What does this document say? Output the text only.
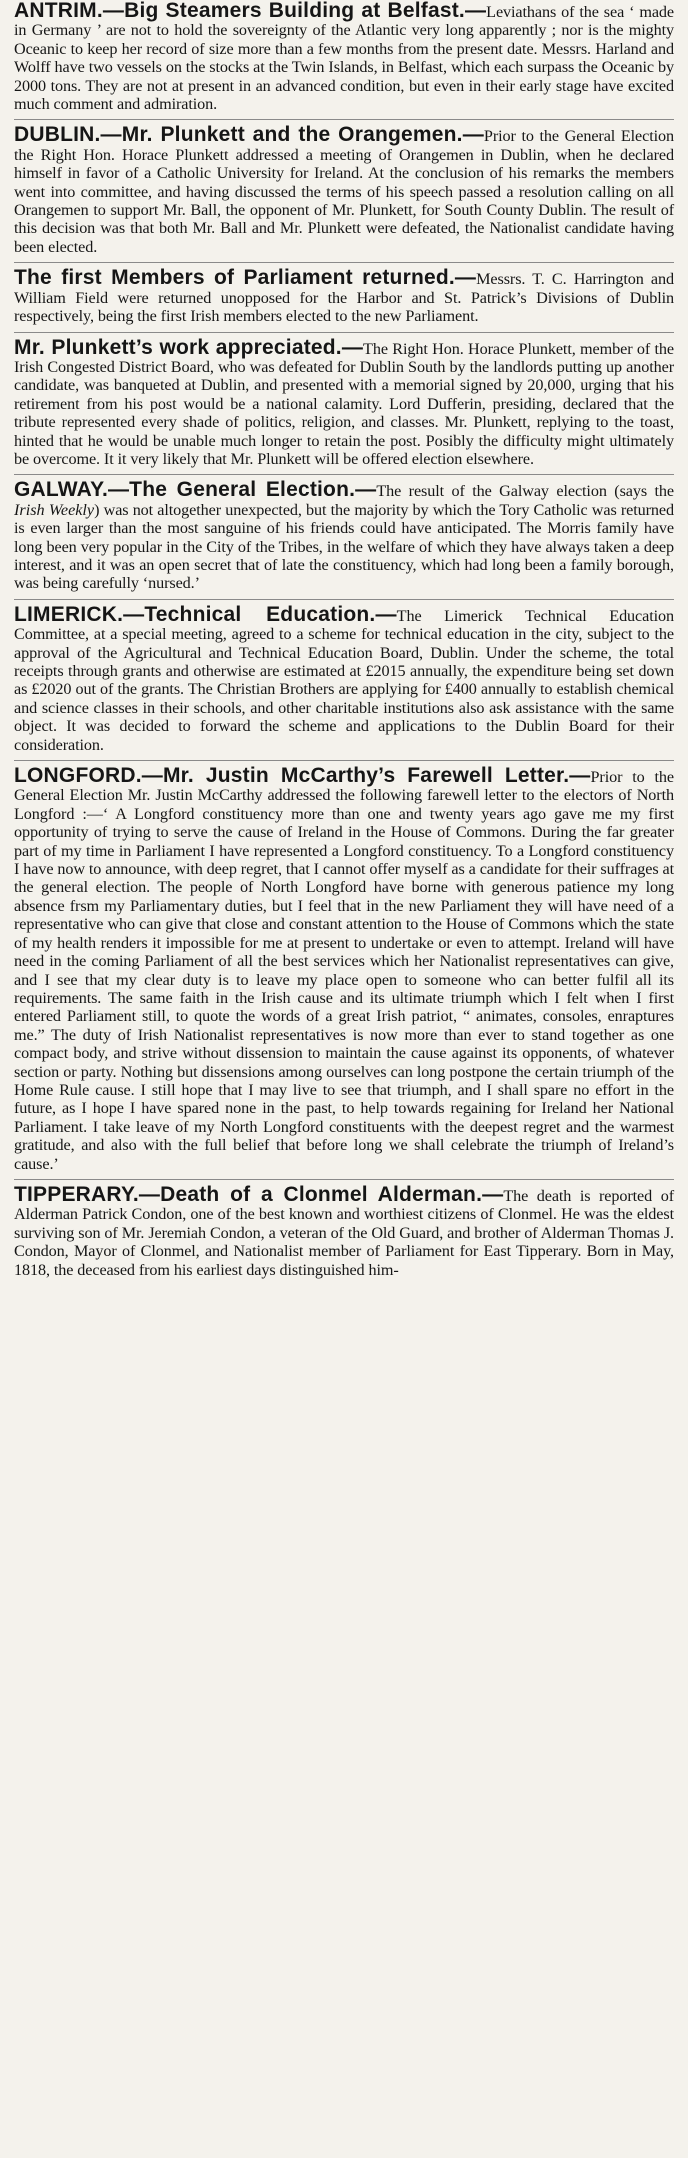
ANTRIM.—Big Steamers Building at Belfast.—Leviathans of the sea ‘ made in Germany ’ are not to hold the sovereignty of the Atlantic very long apparently ; nor is the mighty Oceanic to keep her record of size more than a few months from the present date. Messrs. Harland and Wolff have two vessels on the stocks at the Twin Islands, in Belfast, which each surpass the Oceanic by 2000 tons. They are not at present in an advanced condition, but even in their early stage have excited much comment and admiration.

DUBLIN.—Mr. Plunkett and the Orangemen.—Prior to the General Election the Right Hon. Horace Plunkett addressed a meeting of Orangemen in Dublin, when he declared himself in favor of a Catholic University for Ireland. At the conclusion of his remarks the members went into committee, and having discussed the terms of his speech passed a resolution calling on all Orangemen to support Mr. Ball, the opponent of Mr. Plunkett, for South County Dublin. The result of this decision was that both Mr. Ball and Mr. Plunkett were defeated, the Nationalist candidate having been elected.

The first Members of Parliament returned.—Messrs. T. C. Harrington and William Field were returned unopposed for the Harbor and St. Patrick’s Divisions of Dublin respectively, being the first Irish members elected to the new Parliament.

Mr. Plunkett’s work appreciated.—The Right Hon. Horace Plunkett, member of the Irish Congested District Board, who was defeated for Dublin South by the landlords putting up another candidate, was banqueted at Dublin, and presented with a memorial signed by 20,000, urging that his retirement from his post would be a national calamity. Lord Dufferin, presiding, declared that the tribute represented every shade of politics, religion, and classes. Mr. Plunkett, replying to the toast, hinted that he would be unable much longer to retain the post. Posibly the difficulty might ultimately be overcome. It it very likely that Mr. Plunkett will be offered election elsewhere.

GALWAY.—The General Election.—The result of the Galway election (says the Irish Weekly) was not altogether unexpected, but the majority by which the Tory Catholic was returned is even larger than the most sanguine of his friends could have anticipated. The Morris family have long been very popular in the City of the Tribes, in the welfare of which they have always taken a deep interest, and it was an open secret that of late the constituency, which had long been a family borough, was being carefully ‘nursed.’

LIMERICK.—Technical Education.—The Limerick Technical Education Committee, at a special meeting, agreed to a scheme for technical education in the city, subject to the approval of the Agricultural and Technical Education Board, Dublin. Under the scheme, the total receipts through grants and otherwise are estimated at £2015 annually, the expenditure being set down as £2020 out of the grants. The Christian Brothers are applying for £400 annually to establish chemical and science classes in their schools, and other charitable institutions also ask assistance with the same object. It was decided to forward the scheme and applications to the Dublin Board for their consideration.

LONGFORD.—Mr. Justin McCarthy’s Farewell Letter.—Prior to the General Election Mr. Justin McCarthy addressed the following farewell letter to the electors of North Longford :—‘ A Longford constituency more than one and twenty years ago gave me my first opportunity of trying to serve the cause of Ireland in the House of Commons. During the far greater part of my time in Parliament I have represented a Longford constituency. To a Longford constituency I have now to announce, with deep regret, that I cannot offer myself as a candidate for their suffrages at the general election. The people of North Longford have borne with generous patience my long absence frsm my Parliamentary duties, but I feel that in the new Parliament they will have need of a representative who can give that close and constant attention to the House of Commons which the state of my health renders it impossible for me at present to undertake or even to attempt. Ireland will have need in the coming Parliament of all the best services which her Nationalist representatives can give, and I see that my clear duty is to leave my place open to someone who can better fulfil all its requirements. The same faith in the Irish cause and its ultimate triumph which I felt when I first entered Parliament still, to quote the words of a great Irish patriot, “ animates, consoles, enraptures me.” The duty of Irish Nationalist representatives is now more than ever to stand together as one compact body, and strive without dissension to maintain the cause against its opponents, of whatever section or party. Nothing but dissensions among ourselves can long postpone the certain triumph of the Home Rule cause. I still hope that I may live to see that triumph, and I shall spare no effort in the future, as I hope I have spared none in the past, to help towards regaining for Ireland her National Parliament. I take leave of my North Longford constituents with the deepest regret and the warmest gratitude, and also with the full belief that before long we shall celebrate the triumph of Ireland’s cause.’

TIPPERARY.—Death of a Clonmel Alderman.—The death is reported of Alderman Patrick Condon, one of the best known and worthiest citizens of Clonmel. He was the eldest surviving son of Mr. Jeremiah Condon, a veteran of the Old Guard, and brother of Alderman Thomas J. Condon, Mayor of Clonmel, and Nationalist member of Parliament for East Tipperary. Born in May, 1818, the deceased from his earliest days distinguished him-
